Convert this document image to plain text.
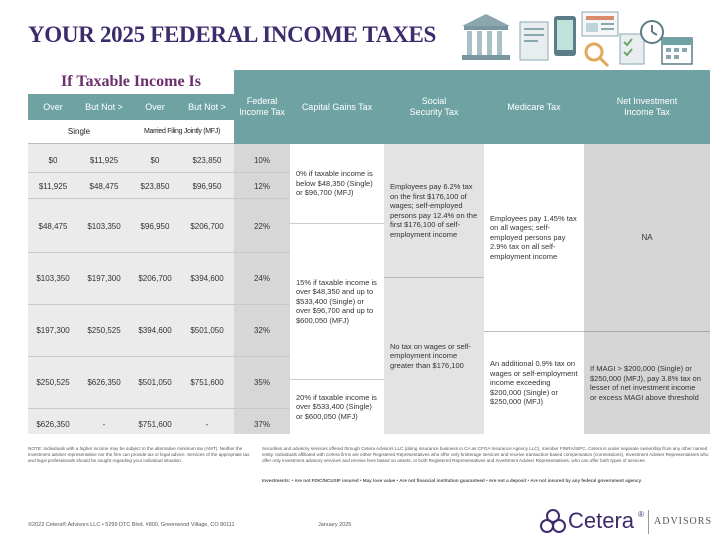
YOUR 2025 FEDERAL INCOME TAXES
If Taxable Income Is
Over	But Not >	Over	But Not >
Federal
Income Tax
Capital Gains Tax
Social
Security Tax
Medicare Tax
Net Investment
Income Tax
Single	Married Filing Jointly (MFJ)
$0	$11,925	$0	$23,850	10%
$11,925	$48,475	$23,850	$96,950	12%
$48,475	$103,350	$96,950	$206,700	22%
$103,350	$197,300	$206,700	$394,600	24%
$197,300	$250,525	$394,600	$501,050	32%
$250,525	$626,350	$501,050	$751,600	35%
$626,350	-	$751,600	-	37%
0% if taxable income is below $48,350 (Single) or $96,700 (MFJ)
15% if taxable income is over $48,350 and up to $533,400 (Single) or over $96,700 and up to $600,050 (MFJ)
20% if taxable income is over $533,400 (Single) or $600,050 (MFJ)
Employees pay 6.2% tax on the first $176,100 of wages; self-employed persons pay 12.4% on the first $176,100 of self- employment income
No tax on wages or self-employment income greater than $176,100
Employees pay 1.45% tax on all wages; self-employed persons pay 2.9% tax on all self-employment income
An additional 0.9% tax on wages or self-employment income exceeding $200,000 (Single) or $250,000 (MFJ)
NA
If MAGI > $200,000 (Single) or $250,000 (MFJ), pay 3.8% tax on lesser of net investment income or excess MAGI above threshold
NOTE: Individuals with a higher income may be subject to the alternative minimum tax (AMT). Neither the investment adviser representative nor the firm can provide tax or legal advice. Services of the appropriate tax and legal professionals should be sought regarding your individual situation.
Securities and advisory services offered through Cetera Advisors LLC (doing insurance business in CA as CFGA Insurance Agency LLC), member FINRA/SIPC. Cetera is under separate ownership from any other named entity. Individuals affiliated with Cetera firms are either Registered Representatives who offer only brokerage services and receive transaction-based compensation (commissions), Investment Adviser Representatives who offer only investment advisory services and receive fees based on assets, or both Registered Representatives and Investment Adviser Representatives, who can offer both types of services.
Investments: • Are not FDIC/NCUSIF insured • May lose value • Are not financial institution guaranteed • Are not a deposit • Are not insured by any federal government agency.
©2022 Cetera® Advisors LLC • 5299 DTC Blvd. #800, Greenwood Village, CO 80111	January 2025	Cetera ®
ADVISORS
